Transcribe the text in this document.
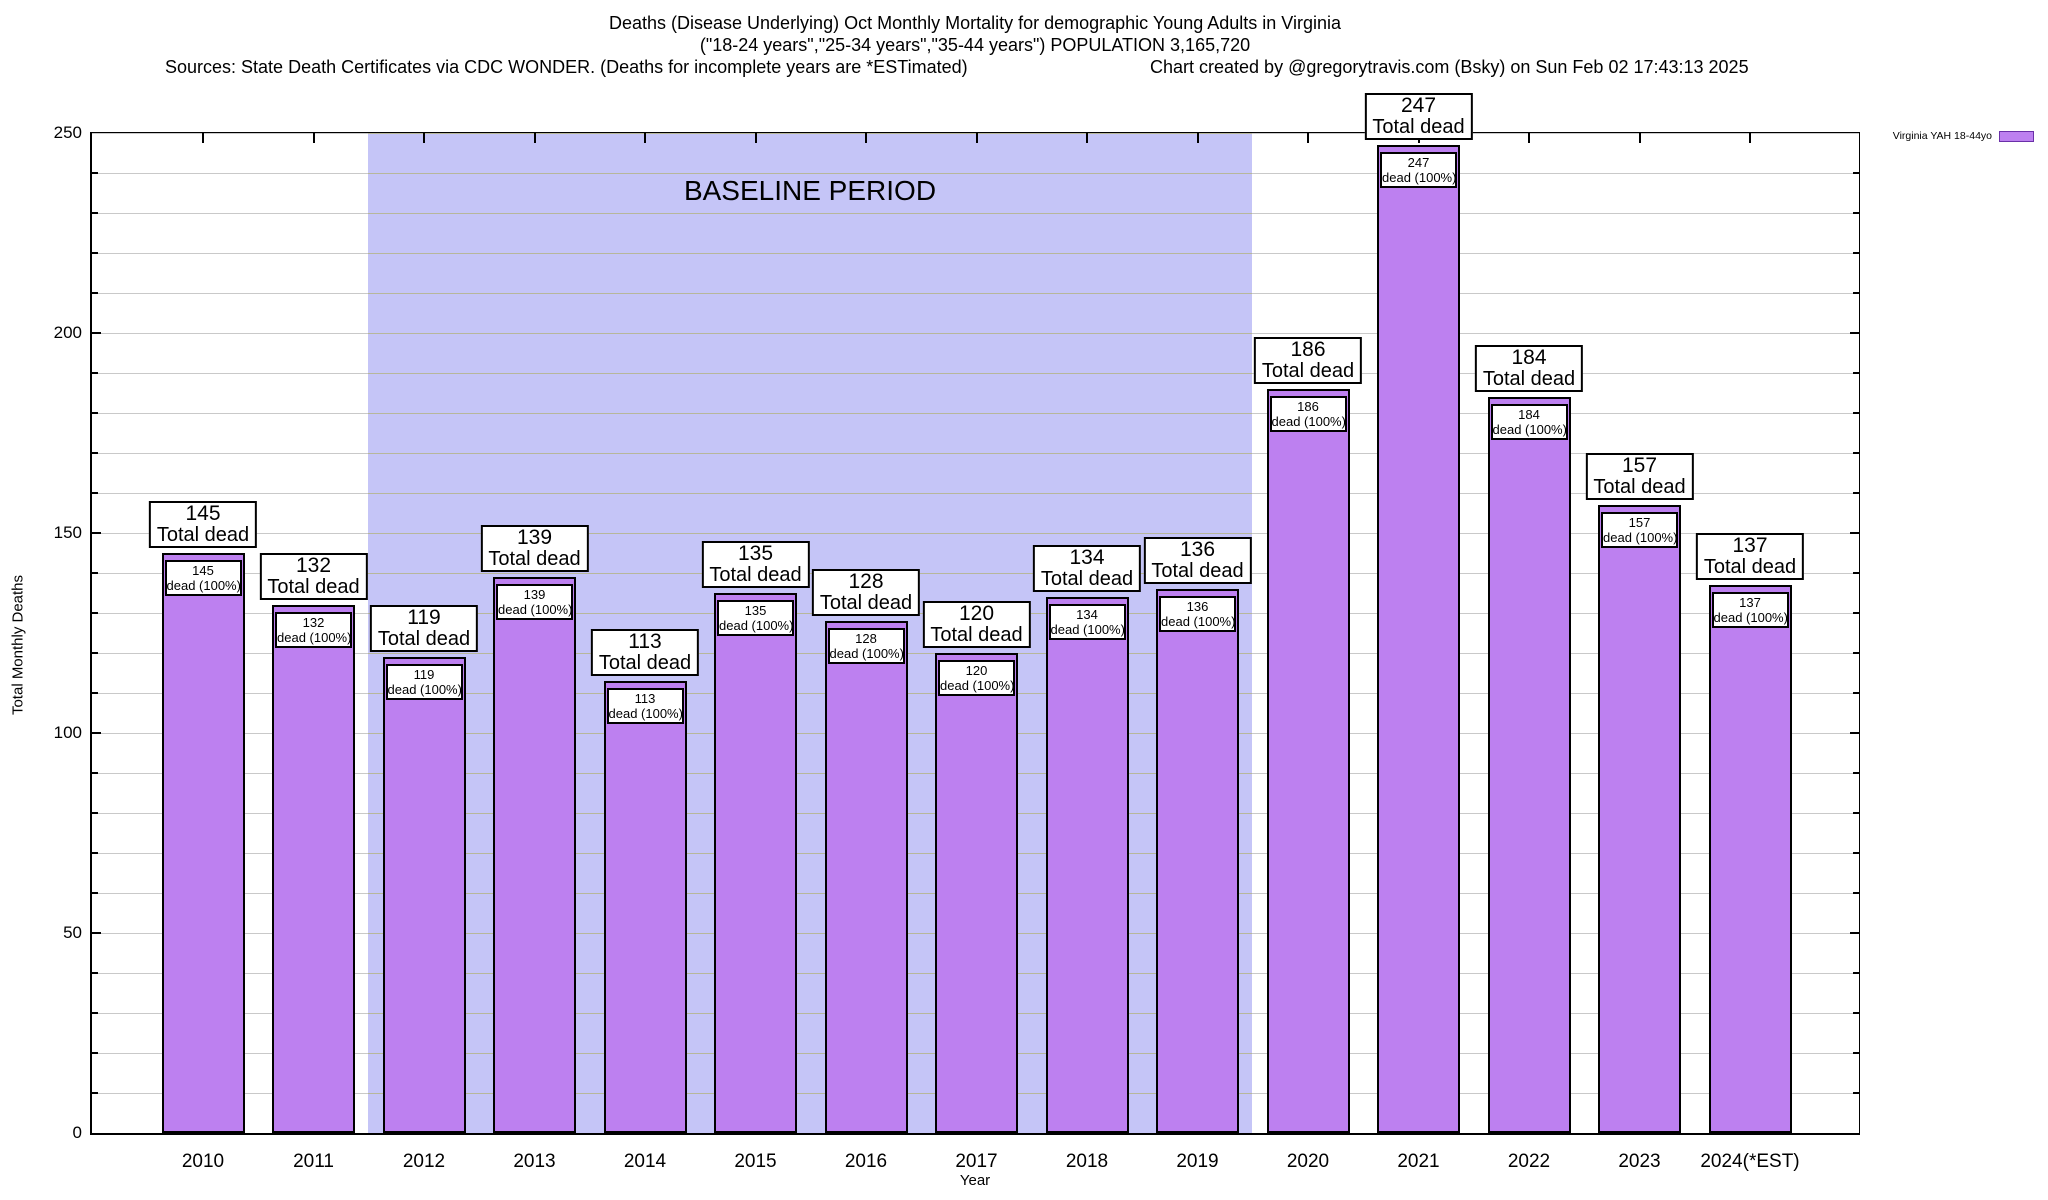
Deaths (Disease Underlying) Oct Monthly Mortality for demographic Young Adults in Virginia
("18-24 years","25-34 years","35-44 years") POPULATION 3,165,720
Sources: State Death Certificates via CDC WONDER. (Deaths for incomplete years are *ESTimated)	Chart created by @gregorytravis.com (Bsky) on Sun Feb 02 17:43:13 2025
Virginia YAH 18-44yo
BASELINE PERIOD
145
dead (100%)
145
Total dead
2010
132
dead (100%)
132
Total dead
2011
119
dead (100%)
119
Total dead
2012
139
dead (100%)
139
Total dead
2013
113
dead (100%)
113
Total dead
2014
135
dead (100%)
135
Total dead
2015
128
dead (100%)
128
Total dead
2016
120
dead (100%)
120
Total dead
2017
134
dead (100%)
134
Total dead
2018
136
dead (100%)
136
Total dead
2019
186
dead (100%)
186
Total dead
2020
247
dead (100%)
247
Total dead
2021
184
dead (100%)
184
Total dead
2022
157
dead (100%)
157
Total dead
2023
137
dead (100%)
137
Total dead
2024(*EST)
0
50
100
150
200
250
Year
Total Monthly Deaths
